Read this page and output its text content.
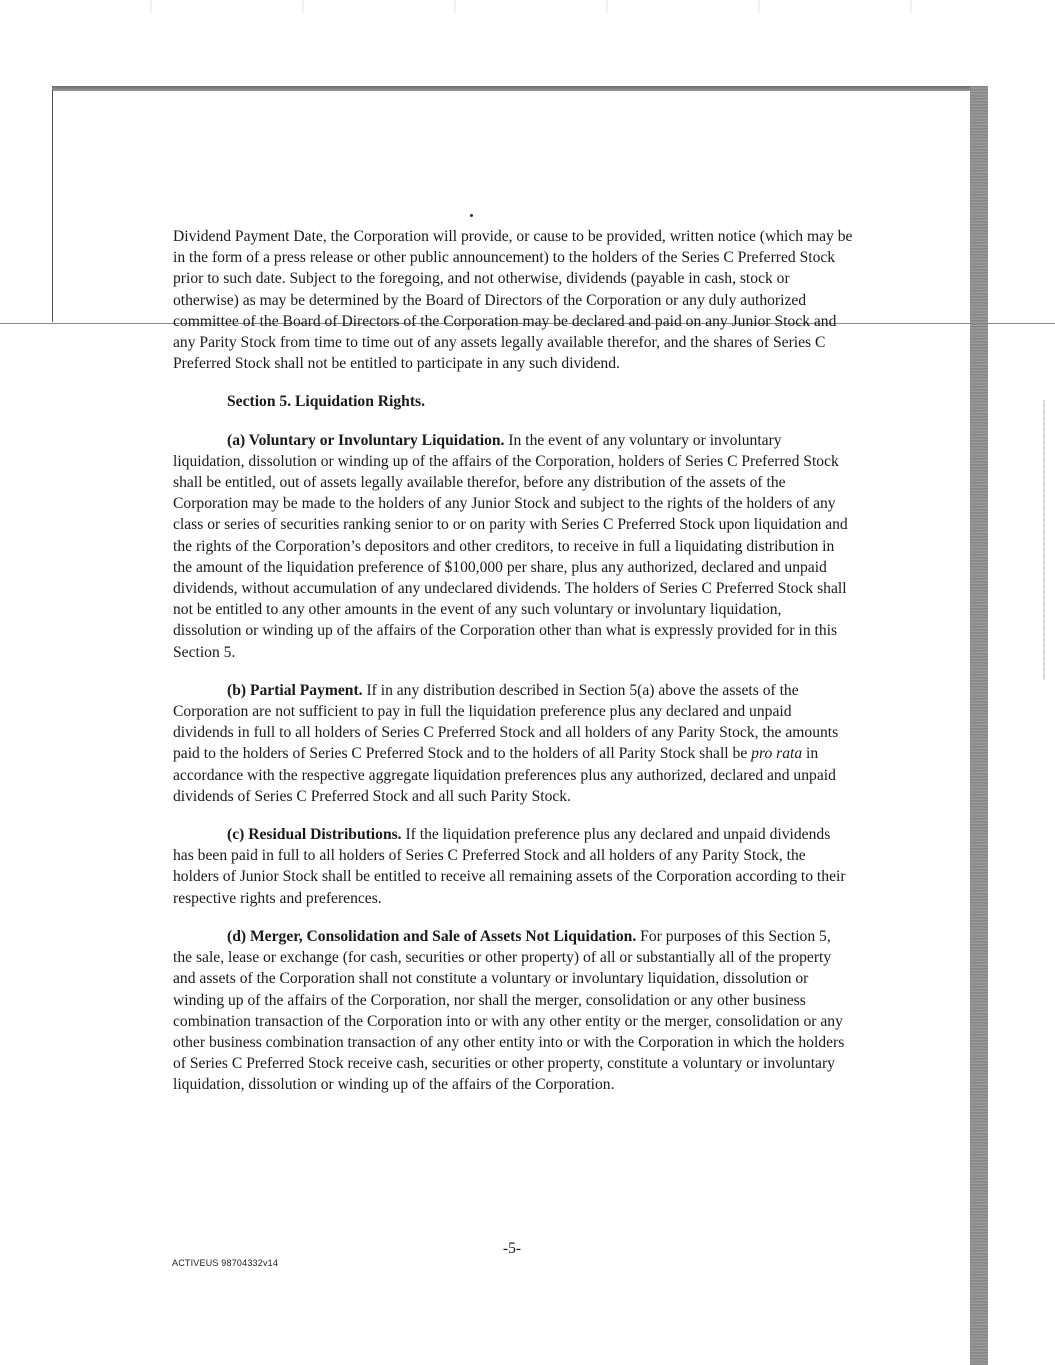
Dividend Payment Date, the Corporation will provide, or cause to be provided, written notice (which may be in the form of a press release or other public announcement) to the holders of the Series C Preferred Stock prior to such date. Subject to the foregoing, and not otherwise, dividends (payable in cash, stock or otherwise) as may be determined by the Board of Directors of the Corporation or any duly authorized committee of the Board of Directors of the Corporation may be declared and paid on any Junior Stock and any Parity Stock from time to time out of any assets legally available therefor, and the shares of Series C Preferred Stock shall not be entitled to participate in any such dividend.

Section 5. Liquidation Rights.

(a) Voluntary or Involuntary Liquidation. In the event of any voluntary or involuntary liquidation, dissolution or winding up of the affairs of the Corporation, holders of Series C Preferred Stock shall be entitled, out of assets legally available therefor, before any distribution of the assets of the Corporation may be made to the holders of any Junior Stock and subject to the rights of the holders of any class or series of securities ranking senior to or on parity with Series C Preferred Stock upon liquidation and the rights of the Corporation’s depositors and other creditors, to receive in full a liquidating distribution in the amount of the liquidation preference of $100,000 per share, plus any authorized, declared and unpaid dividends, without accumulation of any undeclared dividends. The holders of Series C Preferred Stock shall not be entitled to any other amounts in the event of any such voluntary or involuntary liquidation, dissolution or winding up of the affairs of the Corporation other than what is expressly provided for in this Section 5.

(b) Partial Payment. If in any distribution described in Section 5(a) above the assets of the Corporation are not sufficient to pay in full the liquidation preference plus any declared and unpaid dividends in full to all holders of Series C Preferred Stock and all holders of any Parity Stock, the amounts paid to the holders of Series C Preferred Stock and to the holders of all Parity Stock shall be pro rata in accordance with the respective aggregate liquidation preferences plus any authorized, declared and unpaid dividends of Series C Preferred Stock and all such Parity Stock.

(c) Residual Distributions. If the liquidation preference plus any declared and unpaid dividends has been paid in full to all holders of Series C Preferred Stock and all holders of any Parity Stock, the holders of Junior Stock shall be entitled to receive all remaining assets of the Corporation according to their respective rights and preferences.

(d) Merger, Consolidation and Sale of Assets Not Liquidation. For purposes of this Section 5, the sale, lease or exchange (for cash, securities or other property) of all or substantially all of the property and assets of the Corporation shall not constitute a voluntary or involuntary liquidation, dissolution or winding up of the affairs of the Corporation, nor shall the merger, consolidation or any other business combination transaction of the Corporation into or with any other entity or the merger, consolidation or any other business combination transaction of any other entity into or with the Corporation in which the holders of Series C Preferred Stock receive cash, securities or other property, constitute a voluntary or involuntary liquidation, dissolution or winding up of the affairs of the Corporation.

-5-
ACTIVEUS 98704332v14
